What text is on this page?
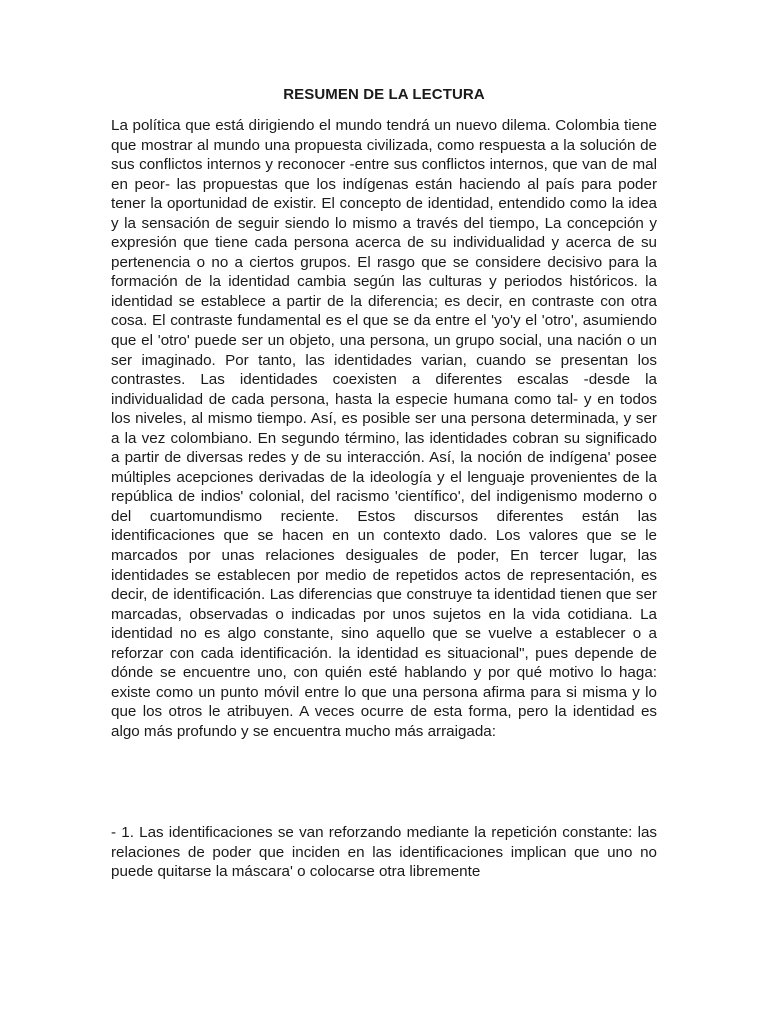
RESUMEN DE LA LECTURA

La política que está dirigiendo el mundo tendrá un nuevo dilema. Colombia tiene que mostrar al mundo una propuesta civilizada, como respuesta a la solución de sus conflictos internos y reconocer -entre sus conflictos internos, que van de mal en peor- las propuestas que los indígenas están haciendo al país para poder tener la oportunidad de existir. El concepto de identidad, entendido como la idea y la sensación de seguir siendo lo mismo a través del tiempo, La concepción y expresión que tiene cada persona acerca de su individualidad y acerca de su pertenencia o no a ciertos grupos. El rasgo que se considere decisivo para la formación de la identidad cambia según las culturas y periodos históricos. la identidad se establece a partir de la diferencia; es decir, en contraste con otra cosa. El contraste fundamental es el que se da entre el 'yo'y el 'otro', asumiendo que el 'otro' puede ser un objeto, una persona, un grupo social, una nación o un ser imaginado. Por tanto, las identidades varian, cuando se presentan los contrastes. Las identidades coexisten a diferentes escalas -desde la individualidad de cada persona, hasta la especie humana como tal- y en todos los niveles, al mismo tiempo. Así, es posible ser una persona determinada, y ser a la vez colombiano. En segundo término, las identidades cobran su significado a partir de diversas redes y de su interacción. Así, la noción de indígena' posee múltiples acepciones derivadas de la ideología y el lenguaje provenientes de la república de indios' colonial, del racismo 'científico', del indigenismo moderno o del cuartomundismo reciente. Estos discursos diferentes están las identificaciones que se hacen en un contexto dado. Los valores que se le marcados por unas relaciones desiguales de poder, En tercer lugar, las identidades se establecen por medio de repetidos actos de representación, es decir, de identificación. Las diferencias que construye ta identidad tienen que ser marcadas, observadas o indicadas por unos sujetos en la vida cotidiana. La identidad no es algo constante, sino aquello que se vuelve a establecer o a reforzar con cada identificación. la identidad es situacional", pues depende de dónde se encuentre uno, con quién esté hablando y por qué motivo lo haga: existe como un punto móvil entre lo que una persona afirma para si misma y lo que los otros le atribuyen. A veces ocurre de esta forma, pero la identidad es algo más profundo y se encuentra mucho más arraigada:

- 1. Las identificaciones se van reforzando mediante la repetición constante: las relaciones de poder que inciden en las identificaciones implican que uno no puede quitarse la máscara' o colocarse otra libremente
